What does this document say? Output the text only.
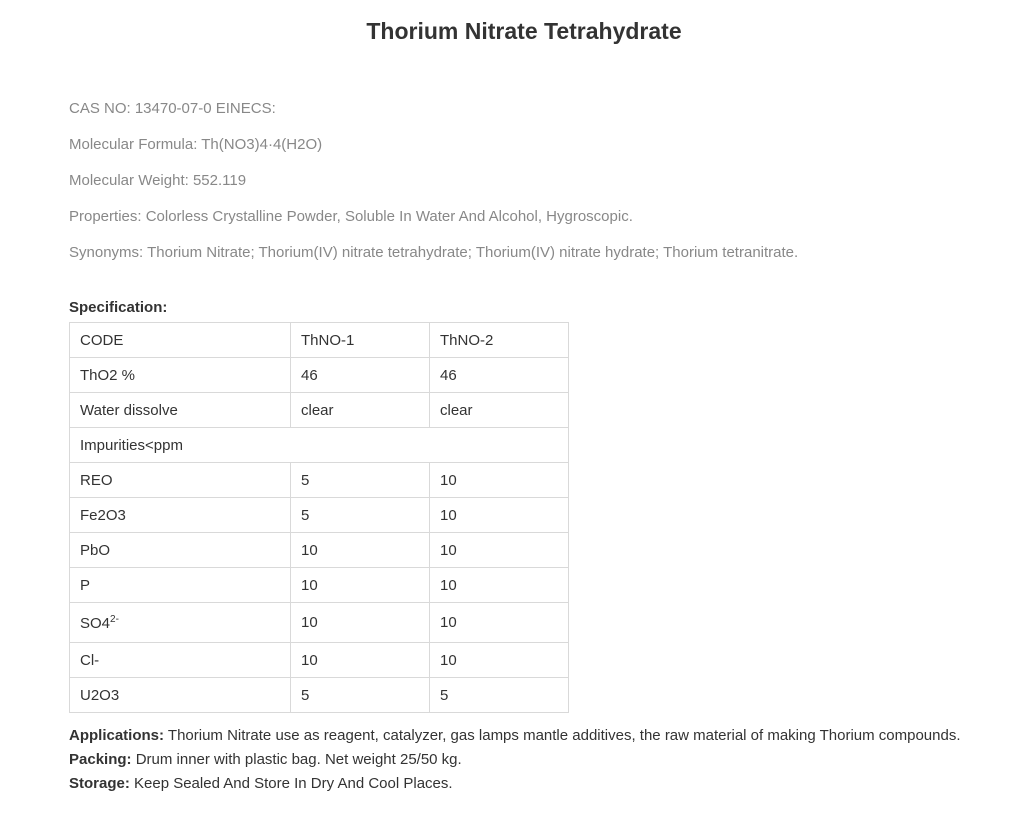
Thorium Nitrate Tetrahydrate

CAS NO: 13470-07-0 EINECS:

Molecular Formula: Th(NO3)4·4(H2O)

Molecular Weight: 552.119

Properties: Colorless Crystalline Powder, Soluble In Water And Alcohol, Hygroscopic.

Synonyms: Thorium Nitrate; Thorium(IV) nitrate tetrahydrate; Thorium(IV) nitrate hydrate; Thorium tetranitrate.

Specification:

CODE	ThNO-1	ThNO-2
ThO2 %	46	46
Water dissolve	clear	clear
Impurities<ppm		
REO	5	10
Fe2O3	5	10
PbO	10	10
P	10	10
$SO4^{2-}$	10	10
Cl-	10	10
U2O3	5	5

Applications: Thorium Nitrate use as reagent, catalyzer, gas lamps mantle additives, the raw material of making Thorium compounds.

Packing: Drum inner with plastic bag. Net weight 25/50 kg.

Storage: Keep Sealed And Store In Dry And Cool Places.
